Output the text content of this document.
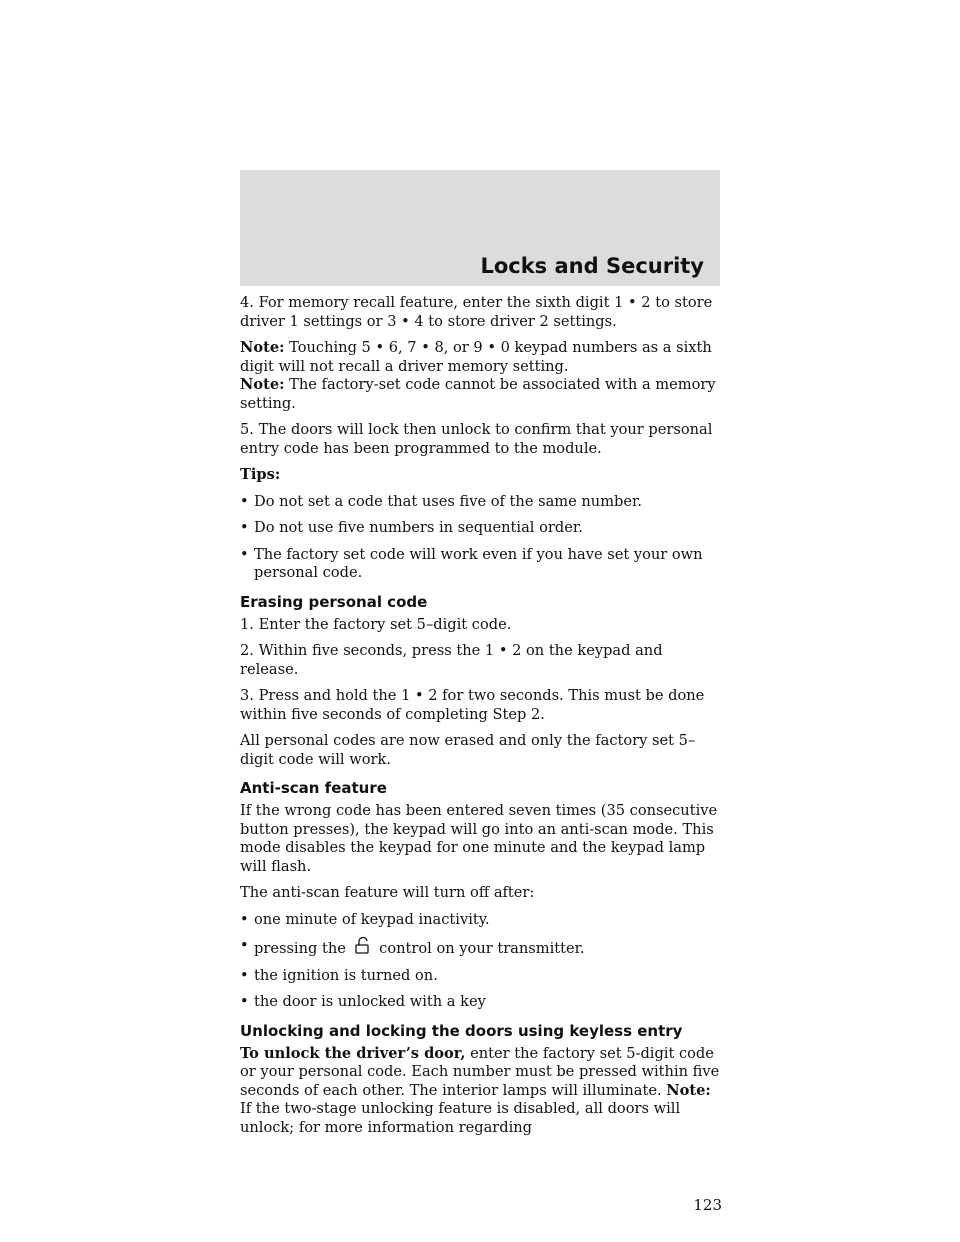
Locks and Security

4. For memory recall feature, enter the sixth digit 1 • 2 to store driver 1 settings or 3 • 4 to store driver 2 settings.

Note: Touching 5 • 6, 7 • 8, or 9 • 0 keypad numbers as a sixth digit will not recall a driver memory setting.

Note: The factory-set code cannot be associated with a memory setting.

5. The doors will lock then unlock to confirm that your personal entry code has been programmed to the module.

Tips:

• Do not set a code that uses five of the same number.
• Do not use five numbers in sequential order.
• The factory set code will work even if you have set your own personal code.
Erasing personal code

1. Enter the factory set 5–digit code.

2. Within five seconds, press the 1 • 2 on the keypad and release.

3. Press and hold the 1 • 2 for two seconds. This must be done within five seconds of completing Step 2.

All personal codes are now erased and only the factory set 5–digit code will work.

Anti-scan feature

If the wrong code has been entered seven times (35 consecutive button presses), the keypad will go into an anti-scan mode. This mode disables the keypad for one minute and the keypad lamp will flash.

The anti-scan feature will turn off after:

• one minute of keypad inactivity.
• pressing the  control on your transmitter.
• the ignition is turned on.
• the door is unlocked with a key
Unlocking and locking the doors using keyless entry

To unlock the driver’s door, enter the factory set 5-digit code or your personal code. Each number must be pressed within five seconds of each other. The interior lamps will illuminate. Note: If the two-stage unlocking feature is disabled, all doors will unlock; for more information regarding

123
